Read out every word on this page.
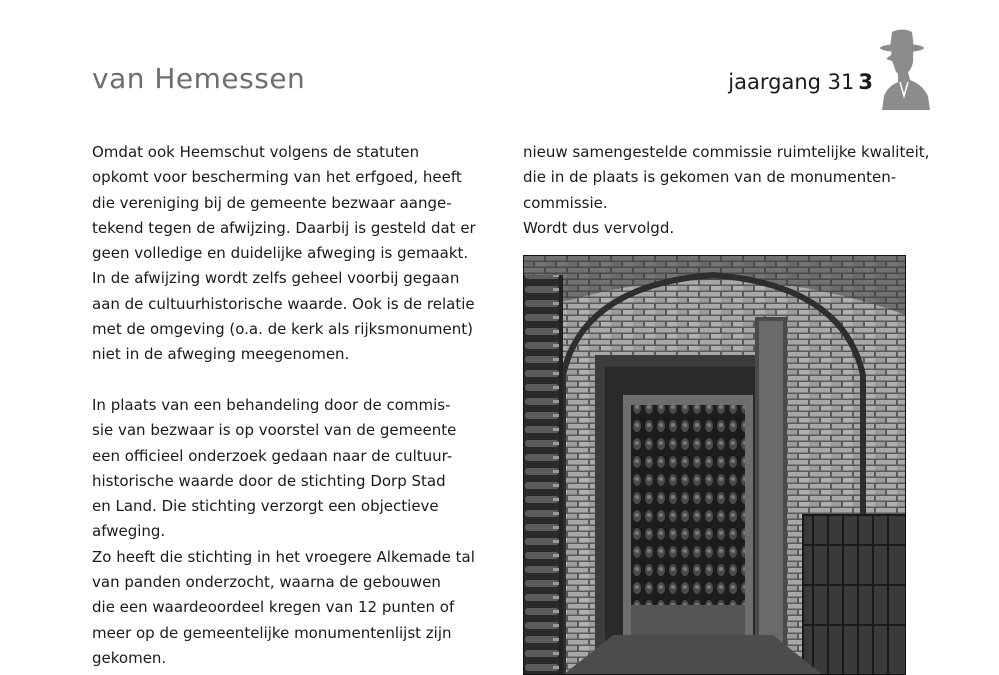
van Hemessen	jaargang 31 3
Omdat ook Heemschut volgens de statuten
opkomt voor bescherming van het erfgoed, heeft
die vereniging bij de gemeente bezwaar aange-
tekend tegen de afwijzing. Daarbij is gesteld dat er
geen volledige en duidelijke afweging is gemaakt.
In de afwijzing wordt zelfs geheel voorbij gegaan
aan de cultuurhistorische waarde. Ook is de relatie
met de omgeving (o.a. de kerk als rijksmonument)
niet in de afweging meegenomen.
In plaats van een behandeling door de commis-
sie van bezwaar is op voorstel van de gemeente
een officieel onderzoek gedaan naar de cultuur-
historische waarde door de stichting Dorp Stad
en Land. Die stichting verzorgt een objectieve
afweging.
Zo heeft die stichting in het vroegere Alkemade tal
van panden onderzocht, waarna de gebouwen
die een waardeoordeel kregen van 12 punten of
meer op de gemeentelijke monumentenlijst zijn
gekomen.
nieuw samengestelde commissie ruimtelijke kwaliteit,
die in de plaats is gekomen van de monumenten-
commissie.
Wordt dus vervolgd.
